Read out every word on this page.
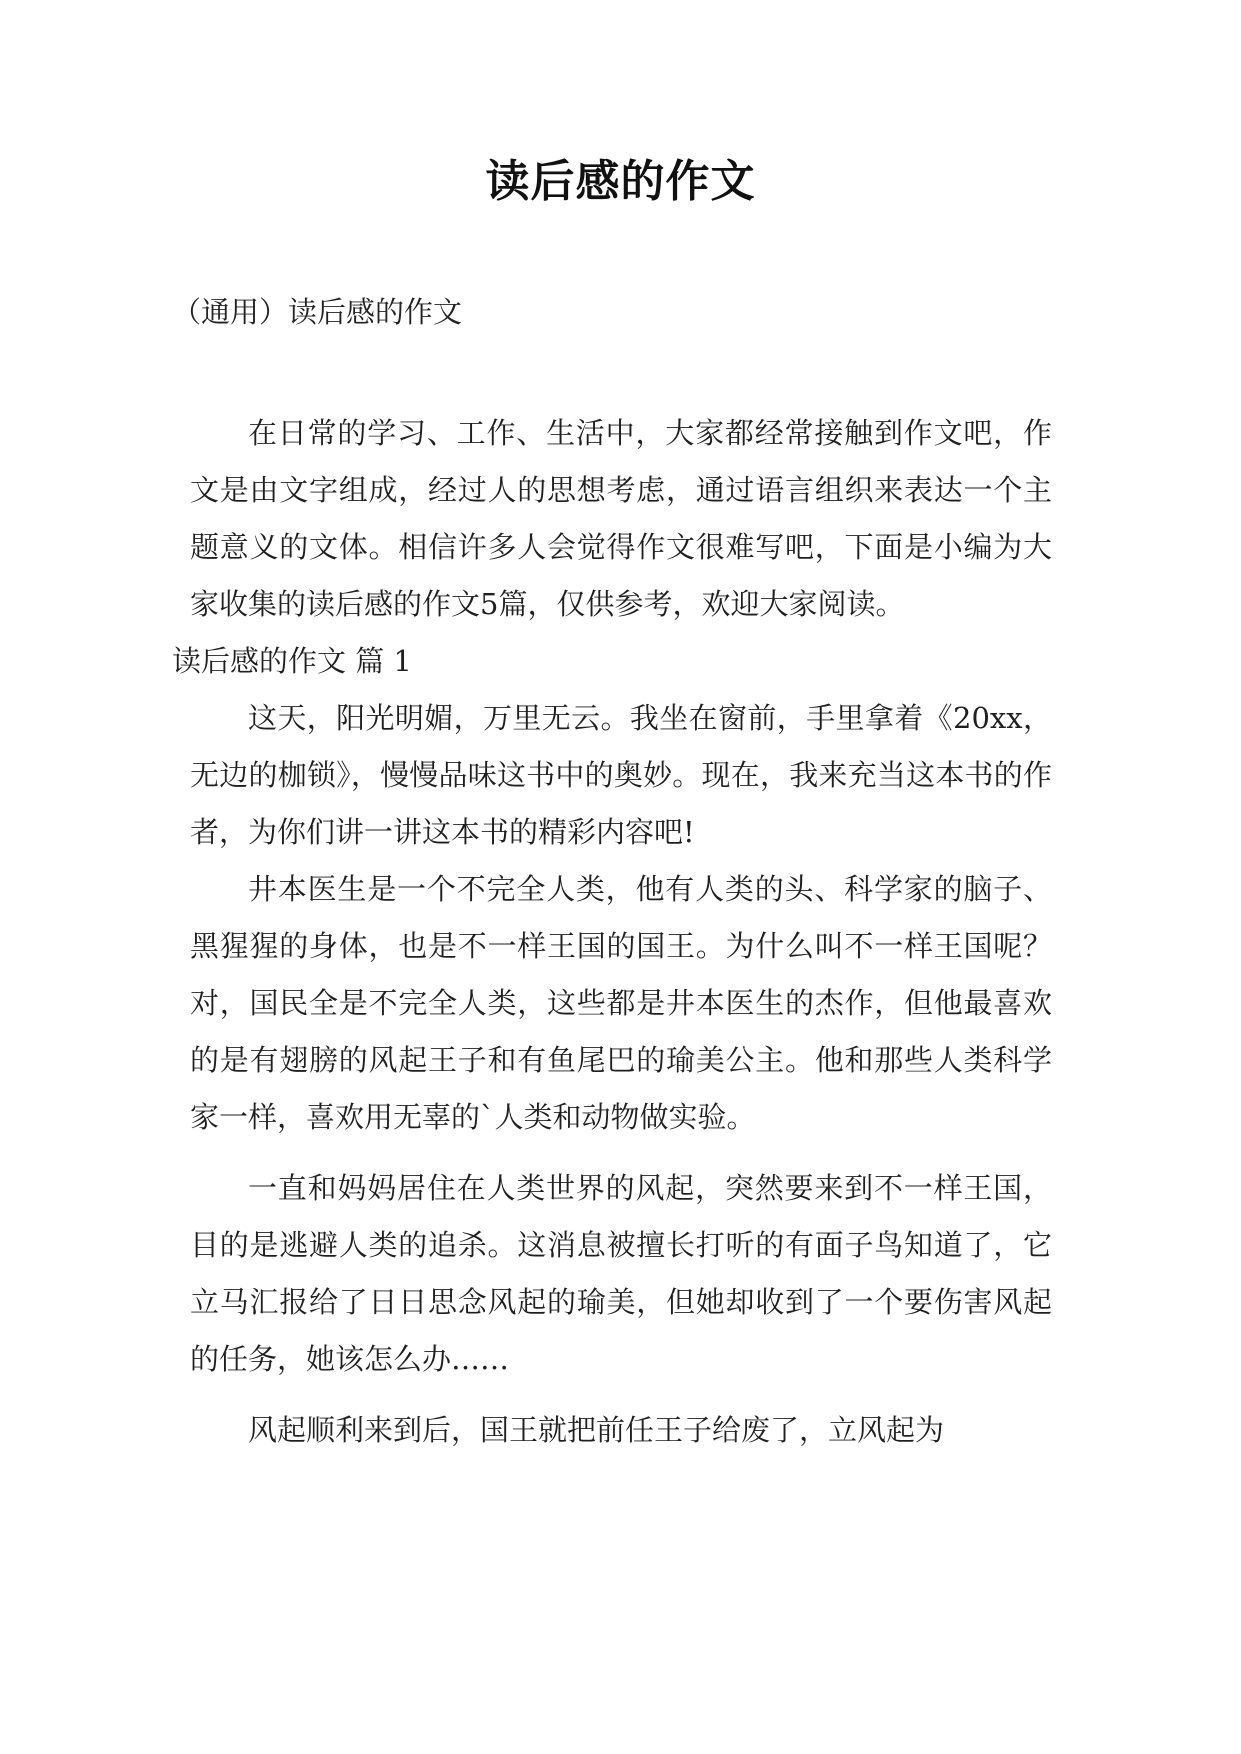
读后感的作文
（通用）读后感的作文

在日常的学习、工作、生活中，大家都经常接触到作文吧，作文是由文字组成，经过人的思想考虑，通过语言组织来表达一个主题意义的文体。相信许多人会觉得作文很难写吧，下面是小编为大家收集的读后感的作文5篇，仅供参考，欢迎大家阅读。

读后感的作文 篇 1

这天，阳光明媚，万里无云。我坐在窗前，手里拿着《20xx，无边的枷锁》，慢慢品味这书中的奥妙。现在，我来充当这本书的作者，为你们讲一讲这本书的精彩内容吧!

井本医生是一个不完全人类，他有人类的头、科学家的脑子、黑猩猩的身体，也是不一样王国的国王。为什么叫不一样王国呢？对，国民全是不完全人类，这些都是井本医生的杰作，但他最喜欢的是有翅膀的风起王子和有鱼尾巴的瑜美公主。他和那些人类科学家一样，喜欢用无辜的`人类和动物做实验。

一直和妈妈居住在人类世界的风起，突然要来到不一样王国，目的是逃避人类的追杀。这消息被擅长打听的有面子鸟知道了，它立马汇报给了日日思念风起的瑜美，但她却收到了一个要伤害风起的任务，她该怎么办……

风起顺利来到后，国王就把前任王子给废了，立风起为
